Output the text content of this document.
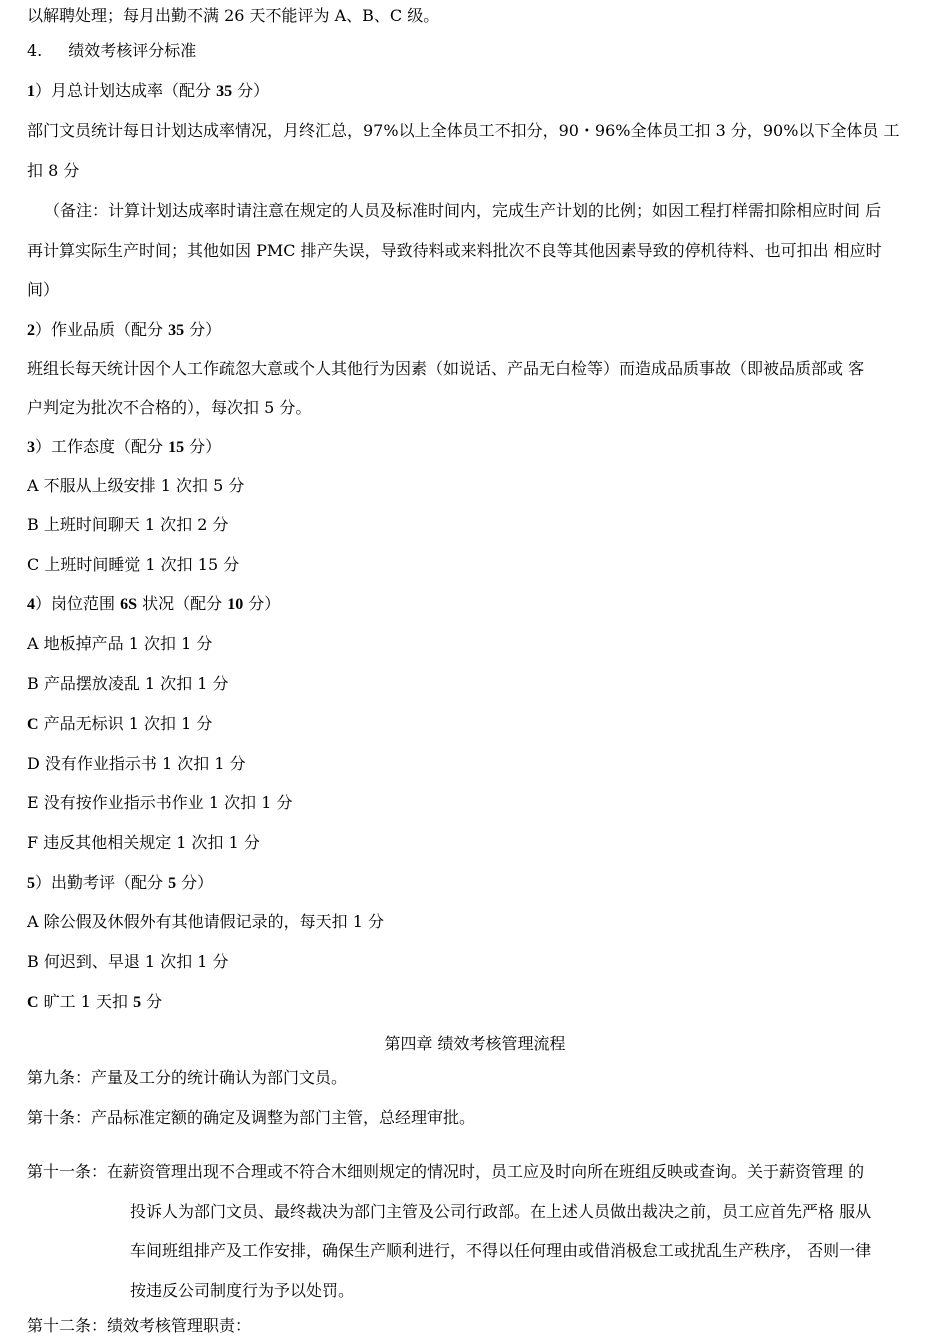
以解聘处理；每月出勤不满 26 天不能评为 A、B、C 级。
4. 绩效考核评分标准
1）月总计划达成率（配分 35 分）
部门文员统计每日计划达成率情况，月终汇总，97%以上全体员工不扣分，90・96%全体员工扣 3 分，90%以下全体员 工
扣 8 分
（备注：计算计划达成率时请注意在规定的人员及标准时间内，完成生产计划的比例；如因工程打样需扣除相应时间 后
再计算实际生产时间；其他如因 PMC 排产失误，导致待料或来料批次不良等其他因素导致的停机待料、也可扣出 相应时
间）
2）作业品质（配分 35 分）
班组长每天统计因个人工作疏忽大意或个人其他行为因素（如说话、产品无白检等）而造成品质事故（即被品质部或 客
户判定为批次不合格的），每次扣 5 分。
3）工作态度（配分 15 分）
A 不服从上级安排 1 次扣 5 分
B 上班时间聊天 1 次扣 2 分
C 上班时间睡觉 1 次扣 15 分
4）岗位范围 6S 状况（配分 10 分）
A 地板掉产品 1 次扣 1 分
B 产品摆放凌乱 1 次扣 1 分
C 产品无标识 1 次扣 1 分
D 没有作业指示书 1 次扣 1 分
E 没有按作业指示书作业 1 次扣 1 分
F 违反其他相关规定 1 次扣 1 分
5）出勤考评（配分 5 分）
A 除公假及休假外有其他请假记录的，每天扣 1 分
B 何迟到、早退 1 次扣 1 分
C 旷工 1 天扣 5 分
第四章 绩效考核管理流程
第九条：产量及工分的统计确认为部门文员。
第十条：产品标准定额的确定及调整为部门主管，总经理审批。
第十一条：在薪资管理出现不合理或不符合木细则规定的情况时，员工应及时向所在班组反映或查询。关于薪资管理 的
投诉人为部门文员、最终裁决为部门主管及公司行政部。在上述人员做出裁决之前，员工应首先严格 服从
车间班组排产及工作安排，确保生产顺利进行，不得以任何理由或借消极怠工或扰乱生产秩序， 否则一律
按违反公司制度行为予以处罚。
第十二条：绩效考核管理职责：
